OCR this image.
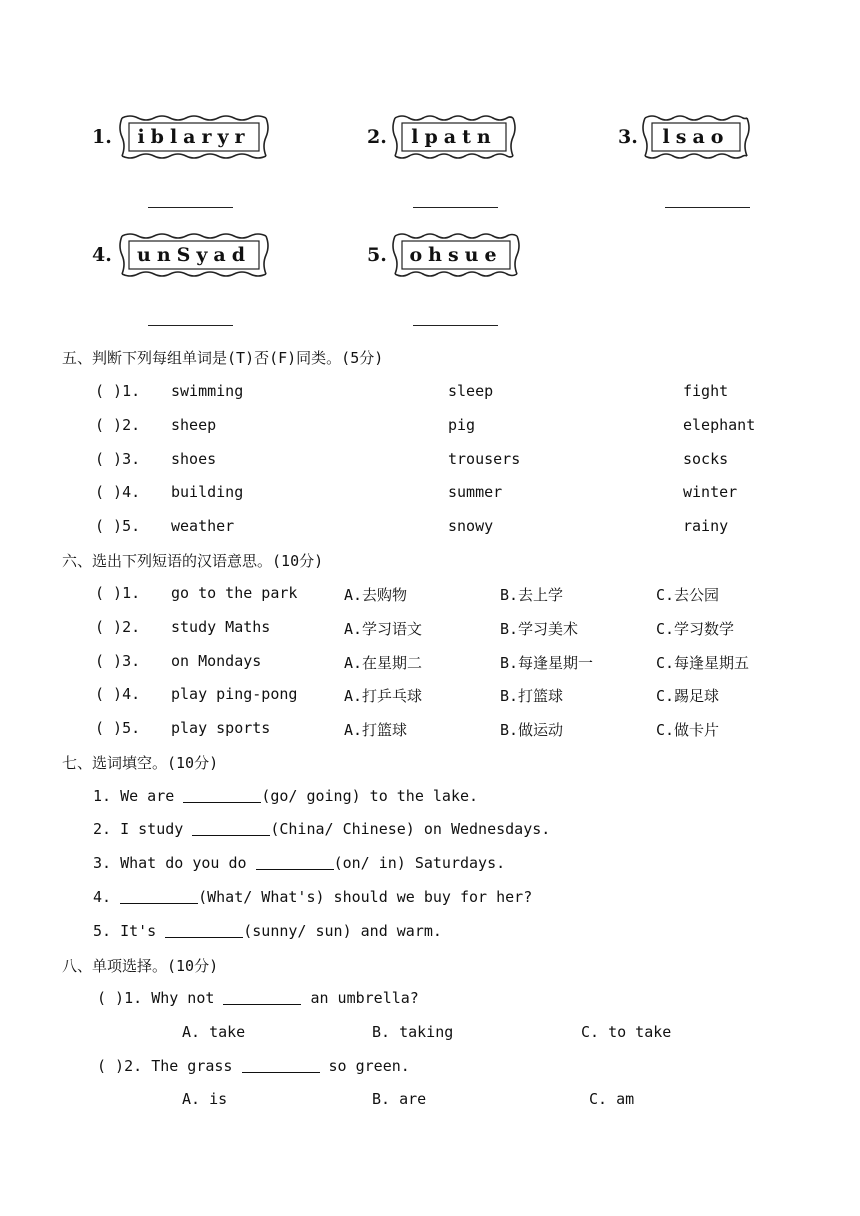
1.	iblaryr	2.	lpatn	3.	lsao
4.	unSyad	5.	ohsue
五、判断下列每组单词是(T)否(F)同类。(5分)
( )1. swimming	sleep	fight
( )2. sheep	pig	elephant
( )3. shoes	trousers	socks
( )4. building	summer	winter
( )5. weather	snowy	rainy
六、选出下列短语的汉语意思。(10分)
( )1. go to the park	A.去购物	B.去上学	C.去公园
( )2. study Maths	A.学习语文	B.学习美术	C.学习数学
( )3. on Mondays	A.在星期二	B.每逢星期一	C.每逢星期五
( )4. play ping-pong	A.打乒乓球	B.打篮球	C.踢足球
( )5. play sports	A.打篮球	B.做运动	C.做卡片
七、选词填空。(10分)
1. We are	(go/ going) to the lake.
2. I study	(China/ Chinese) on Wednesdays.
3. What do you do	(on/ in) Saturdays.
4.	(What/ What's) should we buy for her?
5. It's	(sunny/ sun) and warm.
八、单项选择。(10分)
( )1. Why not	an umbrella?
A. take	B. taking	C. to take
( )2. The grass	so green.
A. is	B. are	C. am
